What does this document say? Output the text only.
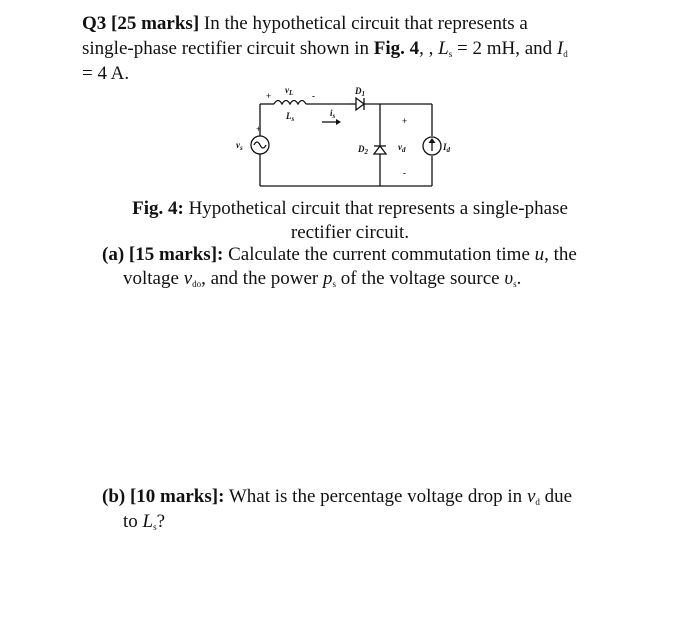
Q3 [25 marks] In the hypothetical circuit that represents a
single-phase rectifier circuit shown in Fig. 4, , $L_s = 2$ mH, and $I_d$
= 4 A.
$v_L$
+	-	$D_1$
$L_s$
$i_s$
$v_s$
+
$D_2$
+
$v_d$
-
$I_d$
Fig. 4: Hypothetical circuit that represents a single-phase
rectifier circuit.
(a) [15 marks]: Calculate the current commutation time u, the
voltage $v_{do}$, and the power $p_s$ of the voltage source $\upsilon_s$.
(b) [10 marks]: What is the percentage voltage drop in $v_d$ due
to $L_s$?
